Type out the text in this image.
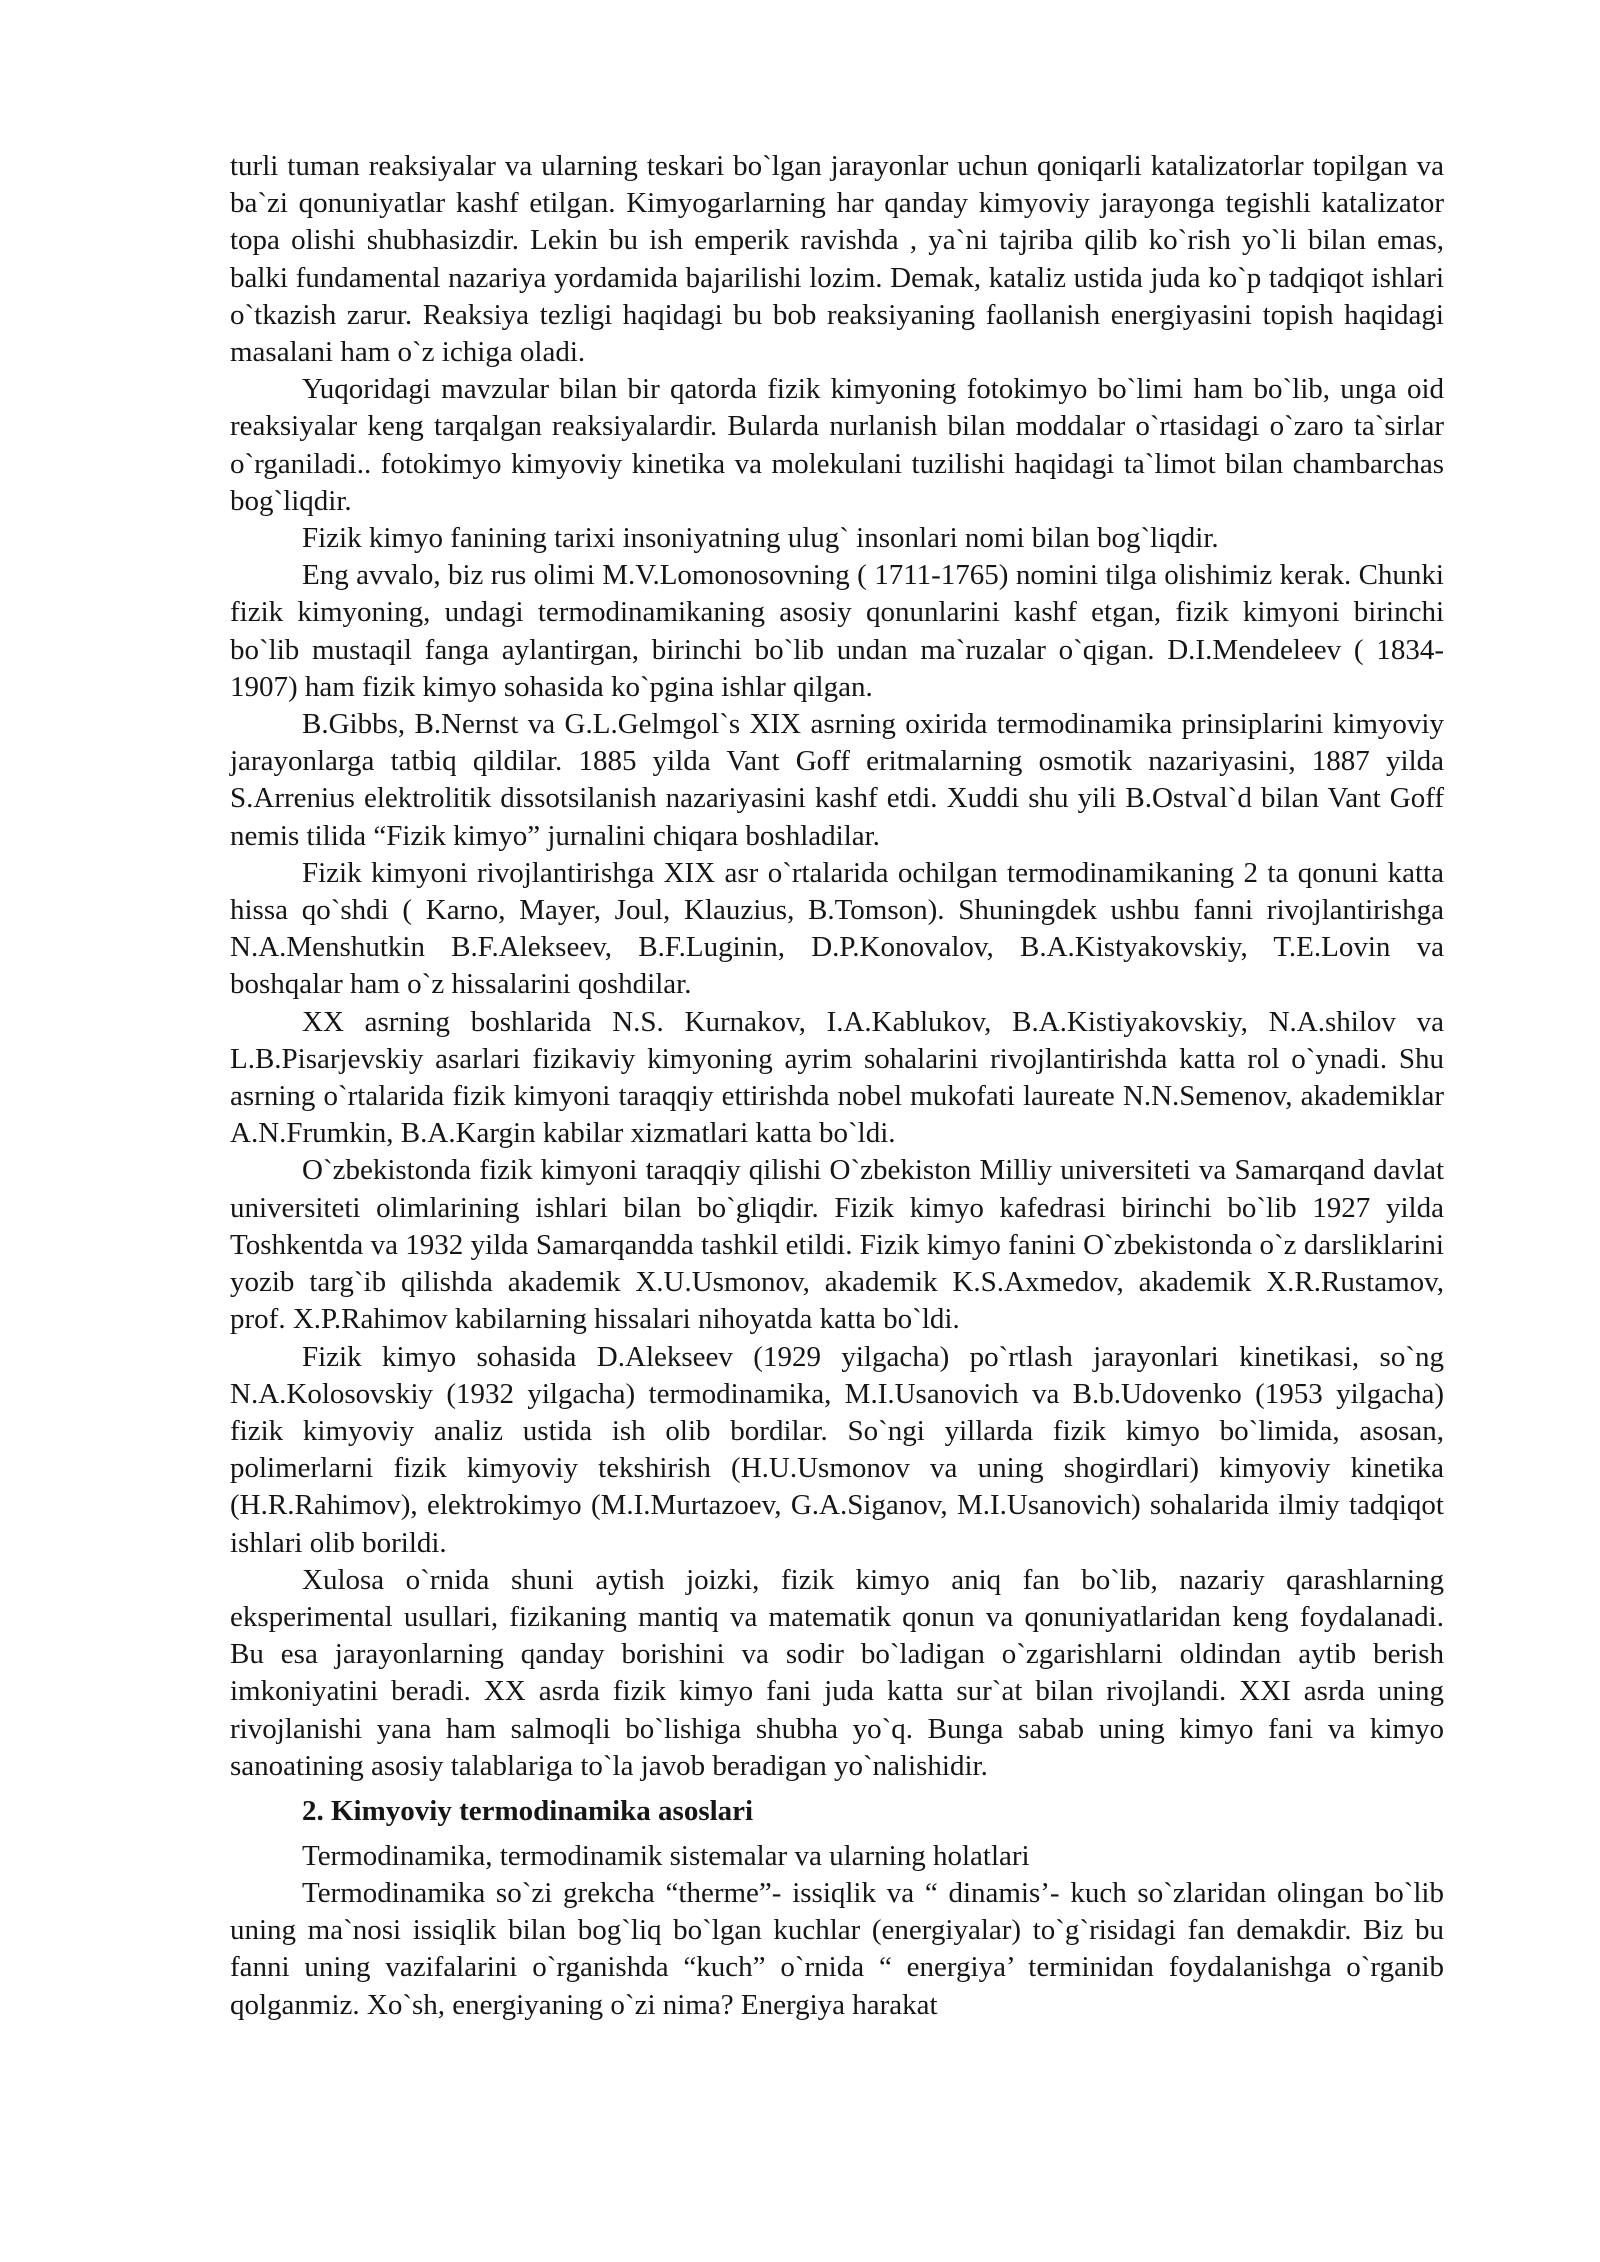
turli tuman reaksiyalar va ularning teskari bo`lgan jarayonlar uchun qoniqarli katalizatorlar topilgan va ba`zi qonuniyatlar kashf etilgan. Kimyogarlarning har qanday kimyoviy jarayonga tegishli katalizator topa olishi shubhasizdir. Lekin bu ish emperik ravishda , ya`ni tajriba qilib ko`rish yo`li bilan emas, balki fundamental nazariya yordamida bajarilishi lozim. Demak, kataliz ustida juda ko`p tadqiqot ishlari o`tkazish zarur. Reaksiya tezligi haqidagi bu bob reaksiyaning faollanish energiyasini topish haqidagi masalani ham o`z ichiga oladi.

Yuqoridagi mavzular bilan bir qatorda fizik kimyoning fotokimyo bo`limi ham bo`lib, unga oid reaksiyalar keng tarqalgan reaksiyalardir. Bularda nurlanish bilan moddalar o`rtasidagi o`zaro ta`sirlar o`rganiladi.. fotokimyo kimyoviy kinetika va molekulani tuzilishi haqidagi ta`limot bilan chambarchas bog`liqdir.

Fizik kimyo fanining tarixi insoniyatning ulug` insonlari nomi bilan bog`liqdir.

Eng avvalo, biz rus olimi M.V.Lomonosovning ( 1711-1765) nomini tilga olishimiz kerak. Chunki fizik kimyoning, undagi termodinamikaning asosiy qonunlarini kashf etgan, fizik kimyoni birinchi bo`lib mustaqil fanga aylantirgan, birinchi bo`lib undan ma`ruzalar o`qigan. D.I.Mendeleev ( 1834-1907) ham fizik kimyo sohasida ko`pgina ishlar qilgan.

B.Gibbs, B.Nernst va G.L.Gelmgol`s XIX asrning oxirida termodinamika prinsiplarini kimyoviy jarayonlarga tatbiq qildilar. 1885 yilda Vant Goff eritmalarning osmotik nazariyasini, 1887 yilda S.Arrenius elektrolitik dissotsilanish nazariyasini kashf etdi. Xuddi shu yili B.Ostval`d bilan Vant Goff nemis tilida “Fizik kimyo” jurnalini chiqara boshladilar.

Fizik kimyoni rivojlantirishga XIX asr o`rtalarida ochilgan termodinamikaning 2 ta qonuni katta hissa qo`shdi ( Karno, Mayer, Joul, Klauzius, B.Tomson). Shuningdek ushbu fanni rivojlantirishga N.A.Menshutkin B.F.Alekseev, B.F.Luginin, D.P.Konovalov, B.A.Kistyakovskiy, T.E.Lovin va boshqalar ham o`z hissalarini qoshdilar.

XX asrning boshlarida N.S. Kurnakov, I.A.Kablukov, B.A.Kistiyakovskiy, N.A.shilov va L.B.Pisarjevskiy asarlari fizikaviy kimyoning ayrim sohalarini rivojlantirishda katta rol o`ynadi. Shu asrning o`rtalarida fizik kimyoni taraqqiy ettirishda nobel mukofati laureate N.N.Semenov, akademiklar A.N.Frumkin, B.A.Kargin kabilar xizmatlari katta bo`ldi.

O`zbekistonda fizik kimyoni taraqqiy qilishi O`zbekiston Milliy universiteti va Samarqand davlat universiteti olimlarining ishlari bilan bo`gliqdir. Fizik kimyo kafedrasi birinchi bo`lib 1927 yilda Toshkentda va 1932 yilda Samarqandda tashkil etildi. Fizik kimyo fanini O`zbekistonda o`z darsliklarini yozib targ`ib qilishda akademik X.U.Usmonov, akademik K.S.Axmedov, akademik X.R.Rustamov, prof. X.P.Rahimov kabilarning hissalari nihoyatda katta bo`ldi.

Fizik kimyo sohasida D.Alekseev (1929 yilgacha) po`rtlash jarayonlari kinetikasi, so`ng N.A.Kolosovskiy (1932 yilgacha) termodinamika, M.I.Usanovich va B.b.Udovenko (1953 yilgacha) fizik kimyoviy analiz ustida ish olib bordilar. So`ngi yillarda fizik kimyo bo`limida, asosan, polimerlarni fizik kimyoviy tekshirish (H.U.Usmonov va uning shogirdlari) kimyoviy kinetika (H.R.Rahimov), elektrokimyo (M.I.Murtazoev, G.A.Siganov, M.I.Usanovich) sohalarida ilmiy tadqiqot ishlari olib borildi.

Xulosa o`rnida shuni aytish joizki, fizik kimyo aniq fan bo`lib, nazariy qarashlarning eksperimental usullari, fizikaning mantiq va matematik qonun va qonuniyatlaridan keng foydalanadi. Bu esa jarayonlarning qanday borishini va sodir bo`ladigan o`zgarishlarni oldindan aytib berish imkoniyatini beradi. XX asrda fizik kimyo fani juda katta sur`at bilan rivojlandi. XXI asrda uning rivojlanishi yana ham salmoqli bo`lishiga shubha yo`q. Bunga sabab uning kimyo fani va kimyo sanoatining asosiy talablariga to`la javob beradigan yo`nalishidir.

2. Kimyoviy termodinamika asoslari

Termodinamika, termodinamik sistemalar va ularning holatlari

Termodinamika so`zi grekcha “therme”- issiqlik va “ dinamis’- kuch so`zlaridan olingan bo`lib uning ma`nosi issiqlik bilan bog`liq bo`lgan kuchlar (energiyalar) to`g`risidagi fan demakdir. Biz bu fanni uning vazifalarini o`rganishda “kuch” o`rnida “ energiya’ terminidan foydalanishga o`rganib qolganmiz. Xo`sh, energiyaning o`zi nima? Energiya harakat
